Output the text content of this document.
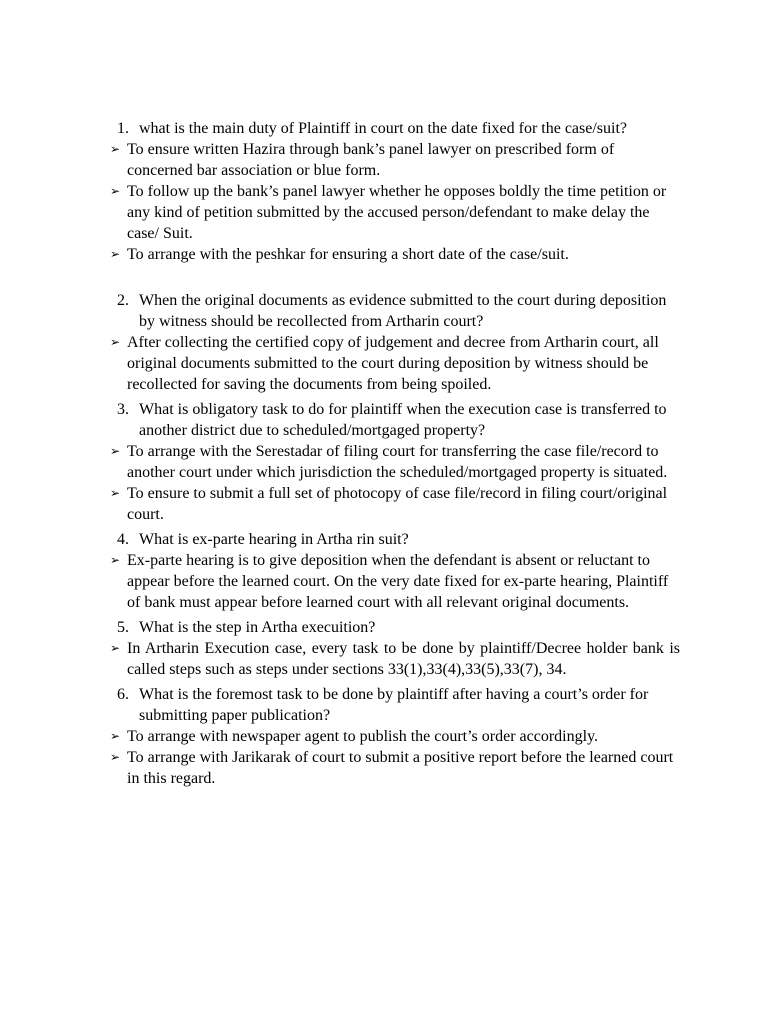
1. what is the main duty of Plaintiff in court on the date fixed for the case/suit?
➢ To ensure written Hazira through bank’s panel lawyer on prescribed form of concerned bar association or blue form.
➢ To follow up the bank’s panel lawyer whether he opposes boldly the time petition or any kind of petition submitted by the accused person/defendant to make delay the case/ Suit.
➢ To arrange with the peshkar for ensuring a short date of the case/suit.
2. When the original documents as evidence submitted to the court during deposition by witness should be recollected from Artharin court?
➢ After collecting the certified copy of judgement and decree from Artharin court, all original documents submitted to the court during deposition by witness should be recollected for saving the documents from being spoiled.
3. What is obligatory task to do for plaintiff when the execution case is transferred to another district due to scheduled/mortgaged property?
➢ To arrange with the Serestadar of filing court for transferring the case file/record to another court under which jurisdiction the scheduled/mortgaged property is situated.
➢ To ensure to submit a full set of photocopy of case file/record in filing court/original court.
4. What is ex-parte hearing in Artha rin suit?
➢ Ex-parte hearing is to give deposition when the defendant is absent or reluctant to appear before the learned court. On the very date fixed for ex-parte hearing, Plaintiff of bank must appear before learned court with all relevant original documents.
5. What is the step in Artha execuition?
➢ In Artharin Execution case, every task to be done by plaintiff/Decree holder bank is called steps such as steps under sections 33(1),33(4),33(5),33(7), 34.
6. What is the foremost task to be done by plaintiff after having a court’s order for submitting paper publication?
➢ To arrange with newspaper agent to publish the court’s order accordingly.
➢ To arrange with Jarikarak of court to submit a positive report before the learned court in this regard.
